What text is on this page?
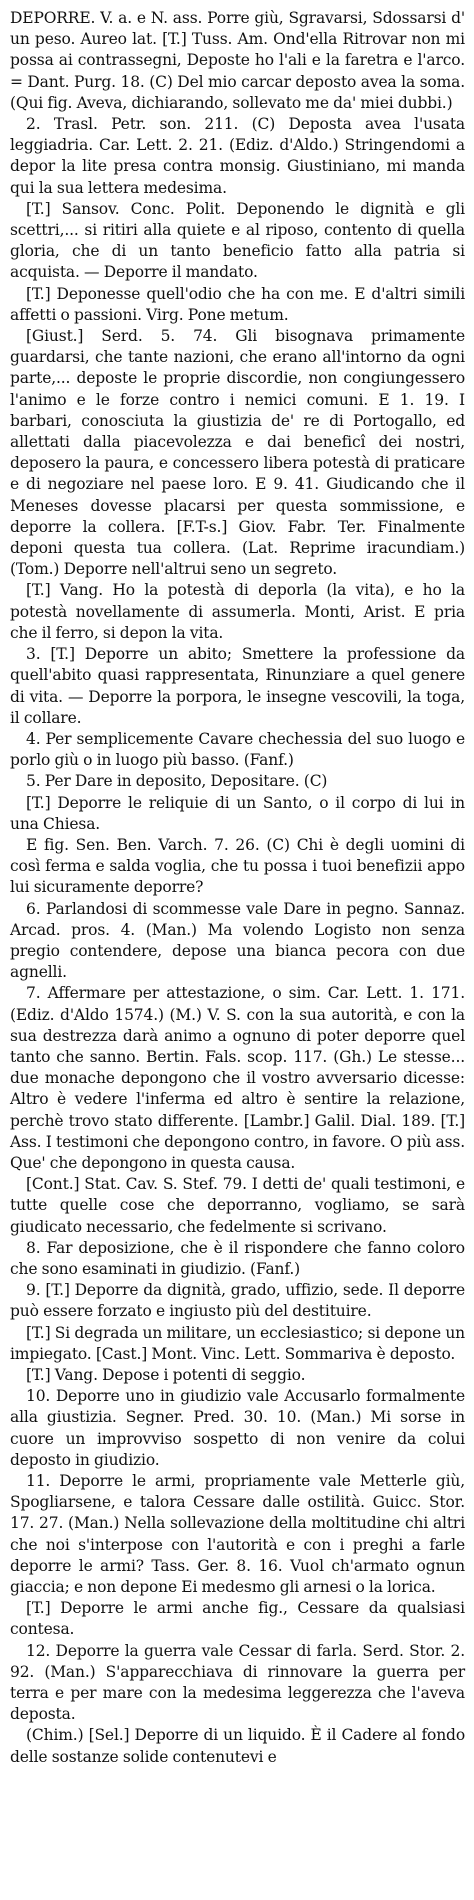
DEPORRE. V. a. e N. ass. Porre giù, Sgravarsi, Sdossarsi d' un peso. Aureo lat. [T.] Tuss. Am. Ond'ella Ritrovar non mi possa ai contrassegni, Deposte ho l'ali e la faretra e l'arco. = Dant. Purg. 18. (C) Del mio carcar deposto avea la soma. (Qui fig. Aveva, dichiarando, sollevato me da' miei dubbi.)

2. Trasl. Petr. son. 211. (C) Deposta avea l'usata leggiadria. Car. Lett. 2. 21. (Ediz. d'Aldo.) Stringendomi a depor la lite presa contra monsig. Giustiniano, mi manda qui la sua lettera medesima.

[T.] Sansov. Conc. Polit. Deponendo le dignità e gli scettri,... si ritiri alla quiete e al riposo, contento di quella gloria, che di un tanto beneficio fatto alla patria si acquista. — Deporre il mandato.

[T.] Deponesse quell'odio che ha con me. E d'altri simili affetti o passioni. Virg. Pone metum.

[Giust.] Serd. 5. 74. Gli bisognava primamente guardarsi, che tante nazioni, che erano all'intorno da ogni parte,... deposte le proprie discordie, non congiungessero l'animo e le forze contro i nemici comuni. E 1. 19. I barbari, conosciuta la giustizia de' re di Portogallo, ed allettati dalla piacevolezza e dai beneficî dei nostri, deposero la paura, e concessero libera potestà di praticare e di negoziare nel paese loro. E 9. 41. Giudicando che il Meneses dovesse placarsi per questa sommissione, e deporre la collera. [F.T-s.] Giov. Fabr. Ter. Finalmente deponi questa tua collera. (Lat. Reprime iracundiam.) (Tom.) Deporre nell'altrui seno un segreto.

[T.] Vang. Ho la potestà di deporla (la vita), e ho la potestà novellamente di assumerla. Monti, Arist. E pria che il ferro, si depon la vita.

3. [T.] Deporre un abito; Smettere la professione da quell'abito quasi rappresentata, Rinunziare a quel genere di vita. — Deporre la porpora, le insegne vescovili, la toga, il collare.

4. Per semplicemente Cavare chechessia del suo luogo e porlo giù o in luogo più basso. (Fanf.)

5. Per Dare in deposito, Depositare. (C)

[T.] Deporre le reliquie di un Santo, o il corpo di lui in una Chiesa.

E fig. Sen. Ben. Varch. 7. 26. (C) Chi è degli uomini di così ferma e salda voglia, che tu possa i tuoi benefizii appo lui sicuramente deporre?

6. Parlandosi di scommesse vale Dare in pegno. Sannaz. Arcad. pros. 4. (Man.) Ma volendo Logisto non senza pregio contendere, depose una bianca pecora con due agnelli.

7. Affermare per attestazione, o sim. Car. Lett. 1. 171. (Ediz. d'Aldo 1574.) (M.) V. S. con la sua autorità, e con la sua destrezza darà animo a ognuno di poter deporre quel tanto che sanno. Bertin. Fals. scop. 117. (Gh.) Le stesse... due monache depongono che il vostro avversario dicesse: Altro è vedere l'inferma ed altro è sentire la relazione, perchè trovo stato differente. [Lambr.] Galil. Dial. 189. [T.] Ass. I testimoni che depongono contro, in favore. O più ass. Que' che depongono in questa causa.

[Cont.] Stat. Cav. S. Stef. 79. I detti de' quali testimoni, e tutte quelle cose che deporranno, vogliamo, se sarà giudicato necessario, che fedelmente si scrivano.

8. Far deposizione, che è il rispondere che fanno coloro che sono esaminati in giudizio. (Fanf.)

9. [T.] Deporre da dignità, grado, uffizio, sede. Il deporre può essere forzato e ingiusto più del destituire.

[T.] Si degrada un militare, un ecclesiastico; si depone un impiegato. [Cast.] Mont. Vinc. Lett. Sommariva è deposto.

[T.] Vang. Depose i potenti di seggio.

10. Deporre uno in giudizio vale Accusarlo formalmente alla giustizia. Segner. Pred. 30. 10. (Man.) Mi sorse in cuore un improvviso sospetto di non venire da colui deposto in giudizio.

11. Deporre le armi, propriamente vale Metterle giù, Spogliarsene, e talora Cessare dalle ostilità. Guicc. Stor. 17. 27. (Man.) Nella sollevazione della moltitudine chi altri che noi s'interpose con l'autorità e con i preghi a farle deporre le armi? Tass. Ger. 8. 16. Vuol ch'armato ognun giaccia; e non depone Ei medesmo gli arnesi o la lorica.

[T.] Deporre le armi anche fig., Cessare da qualsiasi contesa.

12. Deporre la guerra vale Cessar di farla. Serd. Stor. 2. 92. (Man.) S'apparecchiava di rinnovare la guerra per terra e per mare con la medesima leggerezza che l'aveva deposta.

(Chim.) [Sel.] Deporre di un liquido. È il Cadere al fondo delle sostanze solide contenutevi e
